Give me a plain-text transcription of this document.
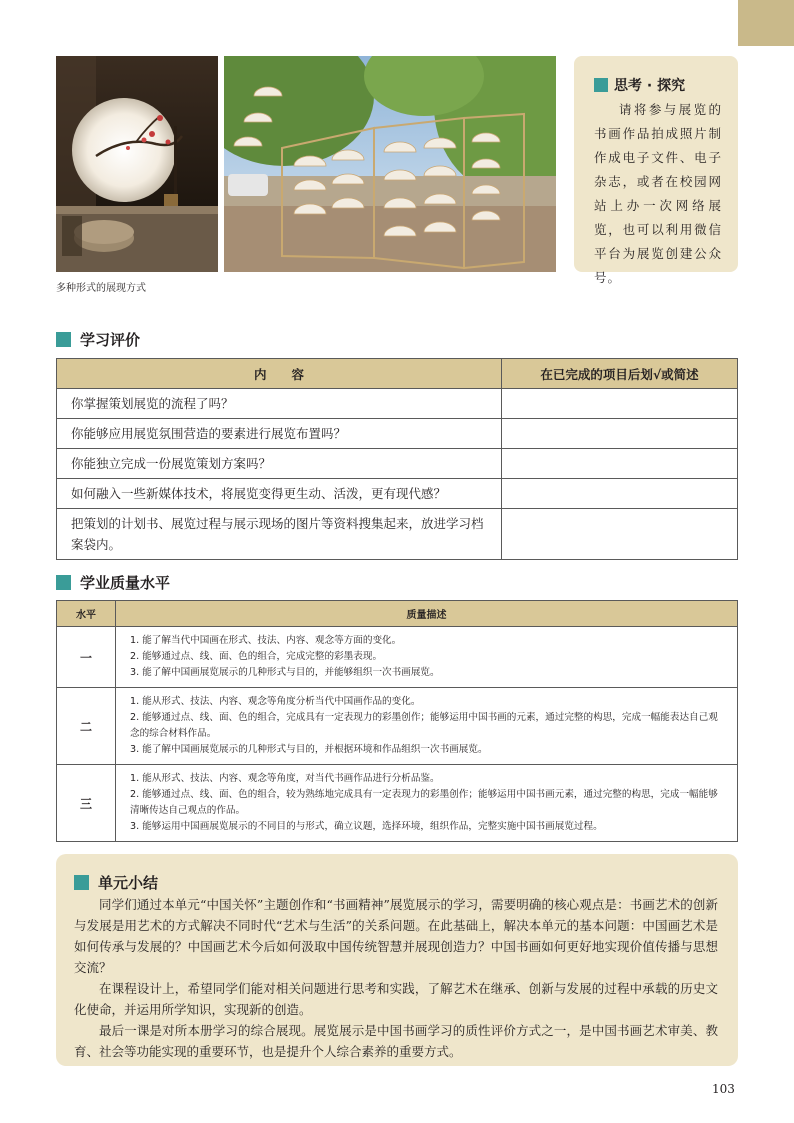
多种形式的展现方式
思考 · 探究
请将参与展览的书画作品拍成照片制作成电子文件、电子杂志，或者在校园网站上办一次网络展览，也可以利用微信平台为展览创建公众号。
学习评价
内　　容	在已完成的项目后划√或简述
你掌握策划展览的流程了吗？	
你能够应用展览氛围营造的要素进行展览布置吗？	
你能独立完成一份展览策划方案吗？	
如何融入一些新媒体技术，将展览变得更生动、活泼，更有现代感？	
把策划的计划书、展览过程与展示现场的图片等资料搜集起来，放进学习档案袋内。	
学业质量水平
水平	质量描述
一	1. 能了解当代中国画在形式、技法、内容、观念等方面的变化。
2. 能够通过点、线、面、色的组合，完成完整的彩墨表现。
3. 能了解中国画展览展示的几种形式与目的，并能够组织一次书画展览。

二	1. 能从形式、技法、内容、观念等角度分析当代中国画作品的变化。
2. 能够通过点、线、面、色的组合，完成具有一定表现力的彩墨创作；能够运用中国书画的元素，通过完整的构思，完成一幅能表达自己观念的综合材料作品。
3. 能了解中国画展览展示的几种形式与目的，并根据环境和作品组织一次书画展览。

三	1. 能从形式、技法、内容、观念等角度，对当代书画作品进行分析品鉴。
2. 能够通过点、线、面、色的组合，较为熟练地完成具有一定表现力的彩墨创作；能够运用中国书画元素，通过完整的构思，完成一幅能够清晰传达自己观点的作品。
3. 能够运用中国画展览展示的不同目的与形式，确立议题，选择环境，组织作品，完整实施中国书画展览过程。
单元小结

同学们通过本单元“中国关怀”主题创作和“书画精神”展览展示的学习，需要明确的核心观点是：书画艺术的创新与发展是用艺术的方式解决不同时代“艺术与生活”的关系问题。在此基础上，解决本单元的基本问题：中国画艺术是如何传承与发展的？中国画艺术今后如何汲取中国传统智慧并展现创造力？中国书画如何更好地实现价值传播与思想交流？

在课程设计上，希望同学们能对相关问题进行思考和实践，了解艺术在继承、创新与发展的过程中承载的历史文化使命，并运用所学知识，实现新的创造。

最后一课是对所本册学习的综合展现。展览展示是中国书画学习的质性评价方式之一，是中国书画艺术审美、教育、社会等功能实现的重要环节，也是提升个人综合素养的重要方式。

103
